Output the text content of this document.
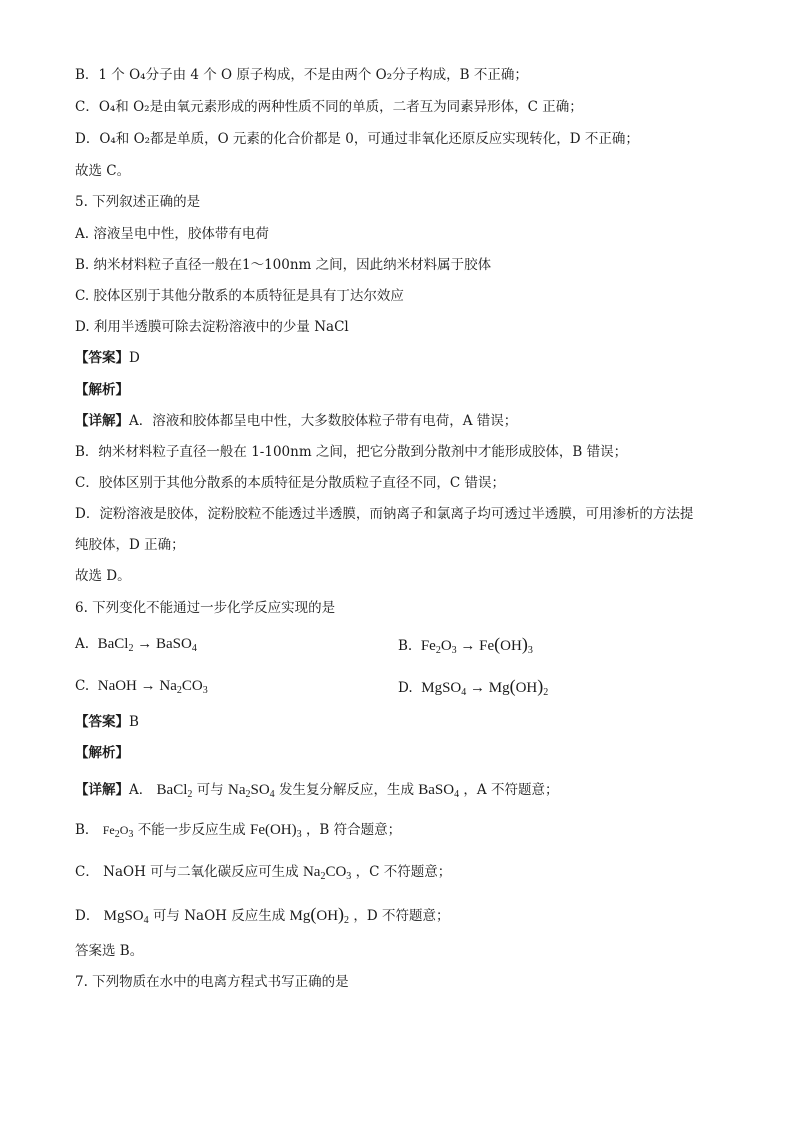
B．1 个 O₄分子由 4 个 O 原子构成，不是由两个 O₂分子构成，B 不正确；
C．O₄和 O₂是由氧元素形成的两种性质不同的单质，二者互为同素异形体，C 正确；
D．O₄和 O₂都是单质，O 元素的化合价都是 0，可通过非氧化还原反应实现转化，D 不正确；
故选 C。
5. 下列叙述正确的是
A. 溶液呈电中性，胶体带有电荷
B. 纳米材料粒子直径一般在1～100nm 之间，因此纳米材料属于胶体
C. 胶体区别于其他分散系的本质特征是具有丁达尔效应
D. 利用半透膜可除去淀粉溶液中的少量 NaCl
【答案】D
【解析】
【详解】A．溶液和胶体都呈电中性，大多数胶体粒子带有电荷，A 错误；
B．纳米材料粒子直径一般在 1-100nm 之间，把它分散到分散剂中才能形成胶体，B 错误；
C．胶体区别于其他分散系的本质特征是分散质粒子直径不同，C 错误；
D．淀粉溶液是胶体，淀粉胶粒不能透过半透膜，而钠离子和氯离子均可透过半透膜，可用渗析的方法提
纯胶体，D 正确；
故选 D。
6. 下列变化不能通过一步化学反应实现的是
A. BaCl$_2$ → BaSO$_4$	B. $Fe_2O_3 \to Fe(OH)_3$
C. NaOH → $Na_2CO_3$	D. MgSO$_4$ → $Mg(OH)_2$
【答案】B
【解析】
【详解】A． BaCl$_2$ 可与 $Na_2SO_4$ 发生复分解反应，生成 BaSO$_4$ ，A 不符题意；
B． $Fe_2O_3$ 不能一步反应生成 $Fe(OH)_3$ ，B 符合题意；
C． NaOH 可与二氧化碳反应可生成 $Na_2CO_3$ ，C 不符题意；
D． MgSO$_4$ 可与 NaOH 反应生成 $Mg(OH)_2$ ，D 不符题意；
答案选 B。
7. 下列物质在水中的电离方程式书写正确的是
